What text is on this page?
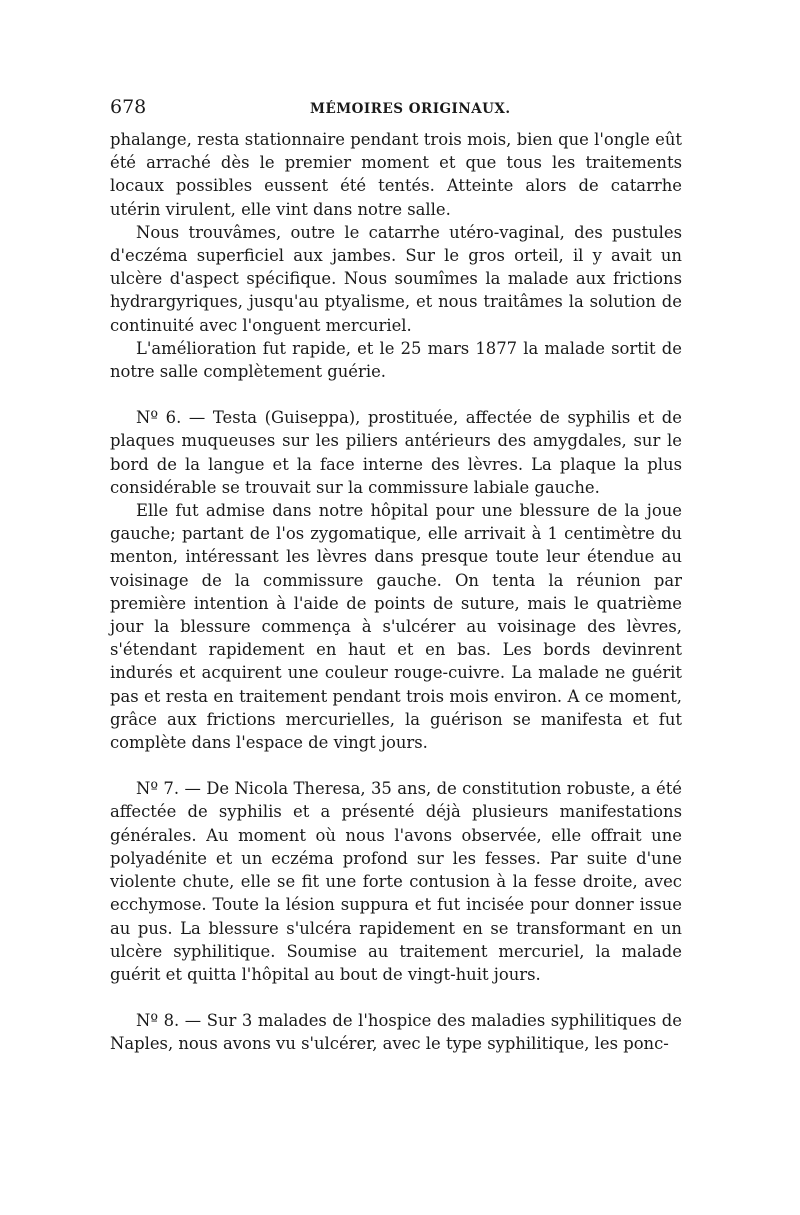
678	MÉMOIRES ORIGINAUX.

phalange, resta stationnaire pendant trois mois, bien que l'ongle eût été arraché dès le premier moment et que tous les traitements locaux possibles eussent été tentés. Atteinte alors de catarrhe utérin virulent, elle vint dans notre salle.

Nous trouvâmes, outre le catarrhe utéro-vaginal, des pustules d'eczéma superficiel aux jambes. Sur le gros orteil, il y avait un ulcère d'aspect spécifique. Nous soumîmes la malade aux frictions hydrargyriques, jusqu'au ptyalisme, et nous traitâmes la solution de continuité avec l'onguent mercuriel.

L'amélioration fut rapide, et le 25 mars 1877 la malade sortit de notre salle complètement guérie.

Nº 6. — Testa (Guiseppa), prostituée, affectée de syphilis et de plaques muqueuses sur les piliers antérieurs des amygdales, sur le bord de la langue et la face interne des lèvres. La plaque la plus considérable se trouvait sur la commissure labiale gauche.

Elle fut admise dans notre hôpital pour une blessure de la joue gauche; partant de l'os zygomatique, elle arrivait à 1 centimètre du menton, intéressant les lèvres dans presque toute leur étendue au voisinage de la commissure gauche. On tenta la réunion par première intention à l'aide de points de suture, mais le quatrième jour la blessure commença à s'ulcérer au voisinage des lèvres, s'étendant rapidement en haut et en bas. Les bords devinrent indurés et acquirent une couleur rouge-cuivre. La malade ne guérit pas et resta en traitement pendant trois mois environ. A ce moment, grâce aux frictions mercurielles, la guérison se manifesta et fut complète dans l'espace de vingt jours.

Nº 7. — De Nicola Theresa, 35 ans, de constitution robuste, a été affectée de syphilis et a présenté déjà plusieurs manifestations générales. Au moment où nous l'avons observée, elle offrait une polyadénite et un eczéma profond sur les fesses. Par suite d'une violente chute, elle se fit une forte contusion à la fesse droite, avec ecchymose. Toute la lésion suppura et fut incisée pour donner issue au pus. La blessure s'ulcéra rapidement en se transformant en un ulcère syphilitique. Soumise au traitement mercuriel, la malade guérit et quitta l'hôpital au bout de vingt-huit jours.

Nº 8. — Sur 3 malades de l'hospice des maladies syphilitiques de Naples, nous avons vu s'ulcérer, avec le type syphilitique, les ponc-
